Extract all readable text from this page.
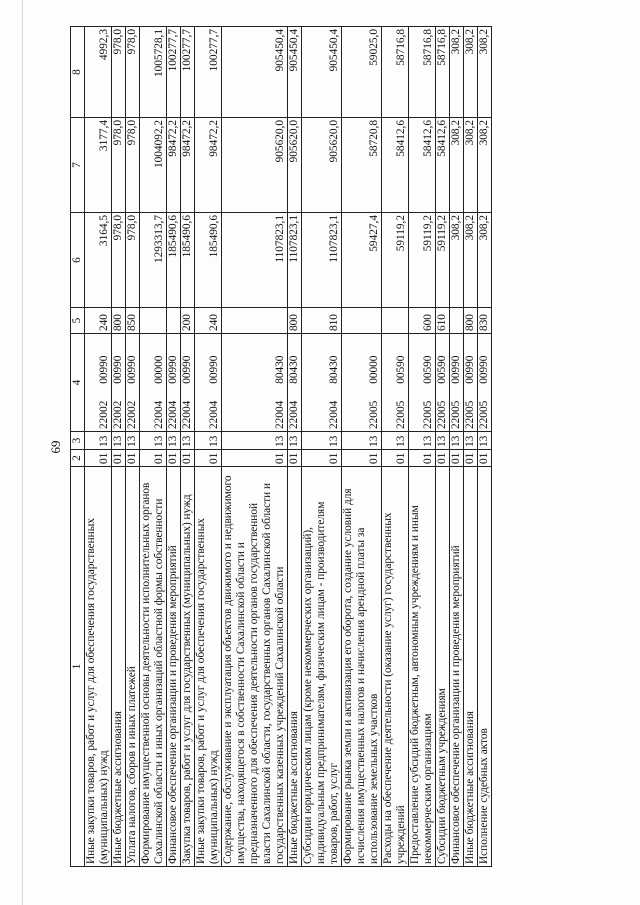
69
1	2	3	4	5	6	7	8
Иные закупки товаров, работ и услуг для обеспечения государственных (муниципальных) нужд	01	13	22002      00990	240	3164,5	3177,4	4992,3
Иные бюджетные ассигнования	01	13	22002      00990	800	978,0	978,0	978,0
Уплата налогов, сборов и иных платежей	01	13	22002      00990	850	978,0	978,0	978,0
Формирование имущественной основы деятельности исполнительных органов Сахалинской области и иных организаций областной формы собственности	01	13	22004      00000		1293313,7	1004092,2	1005728,1
Финансовое обеспечение организации и проведения мероприятий	01	13	22004      00990		185490,6	98472,2	100277,7
Закупка товаров, работ и услуг для государственных (муниципальных) нужд	01	13	22004      00990	200	185490,6	98472,2	100277,7
Иные закупки товаров, работ и услуг для обеспечения государственных (муниципальных) нужд	01	13	22004      00990	240	185490,6	98472,2	100277,7
Содержание, обслуживание и эксплуатация объектов движимого и недвижимого имущества, находящегося в собственности Сахалинской области и предназначенного для обеспечения деятельности органов государственной власти Сахалинской области, государственных органов Сахалинской области и государственных казенных учреждений Сахалинской области	01	13	22004      80430		1107823,1	905620,0	905450,4
Иные бюджетные ассигнования	01	13	22004      80430	800	1107823,1	905620,0	905450,4
Субсидии юридическим лицам (кроме некоммерческих организаций), индивидуальным предпринимателям, физическим лицам - производителям товаров, работ, услуг	01	13	22004      80430	810	1107823,1	905620,0	905450,4
Формирование рынка земли и активизация его оборота, создание условий для исчисления имущественных налогов и начисления арендной платы за использование земельных участков	01	13	22005      00000		59427,4	58720,8	59025,0
Расходы на обеспечение деятельности (оказание услуг) государственных учреждений	01	13	22005      00590		59119,2	58412,6	58716,8
Предоставление субсидий бюджетным, автономным учреждениям и иным некоммерческим организациям	01	13	22005      00590	600	59119,2	58412,6	58716,8
Субсидии бюджетным учреждениям	01	13	22005      00590	610	59119,2	58412,6	58716,8
Финансовое обеспечение организации и проведения мероприятий	01	13	22005      00990		308,2	308,2	308,2
Иные бюджетные ассигнования	01	13	22005      00990	800	308,2	308,2	308,2
Исполнение судебных актов	01	13	22005      00990	830	308,2	308,2	308,2
